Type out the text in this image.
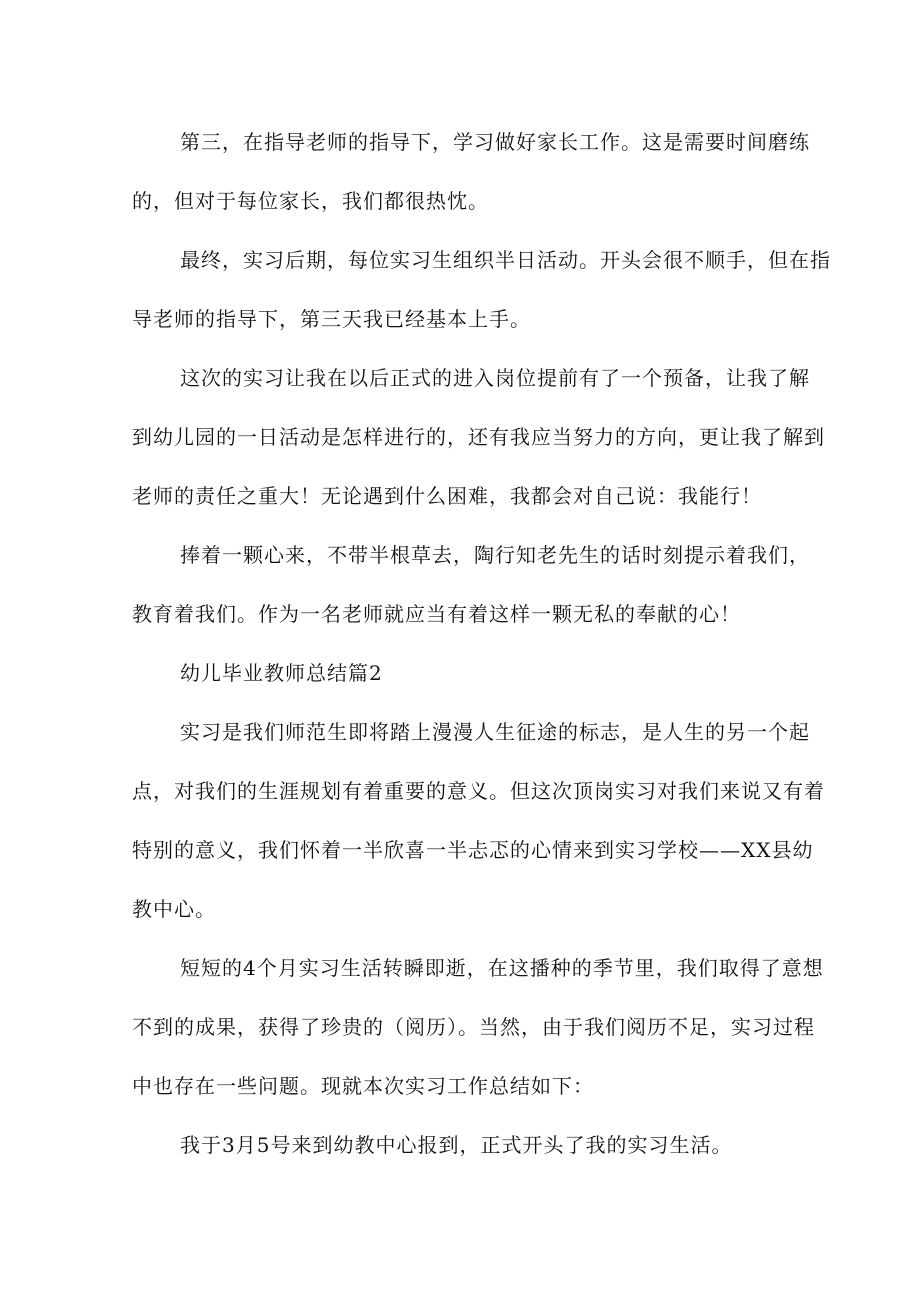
第三，在指导老师的指导下，学习做好家长工作。这是需要时间磨练
的，但对于每位家长，我们都很热忱。
最终，实习后期，每位实习生组织半日活动。开头会很不顺手，但在指
导老师的指导下，第三天我已经基本上手。
这次的实习让我在以后正式的进入岗位提前有了一个预备，让我了解
到幼儿园的一日活动是怎样进行的，还有我应当努力的方向，更让我了解到
老师的责任之重大！无论遇到什么困难，我都会对自己说：我能行！
捧着一颗心来，不带半根草去，陶行知老先生的话时刻提示着我们，
教育着我们。作为一名老师就应当有着这样一颗无私的奉献的心！
幼儿毕业教师总结篇2
实习是我们师范生即将踏上漫漫人生征途的标志，是人生的另一个起
点，对我们的生涯规划有着重要的意义。但这次顶岗实习对我们来说又有着
特别的意义，我们怀着一半欣喜一半忐忑的心情来到实习学校——XX县幼
教中心。
短短的4个月实习生活转瞬即逝，在这播种的季节里，我们取得了意想
不到的成果，获得了珍贵的（阅历）。当然，由于我们阅历不足，实习过程
中也存在一些问题。现就本次实习工作总结如下：
我于3月5号来到幼教中心报到，正式开头了我的实习生活。
